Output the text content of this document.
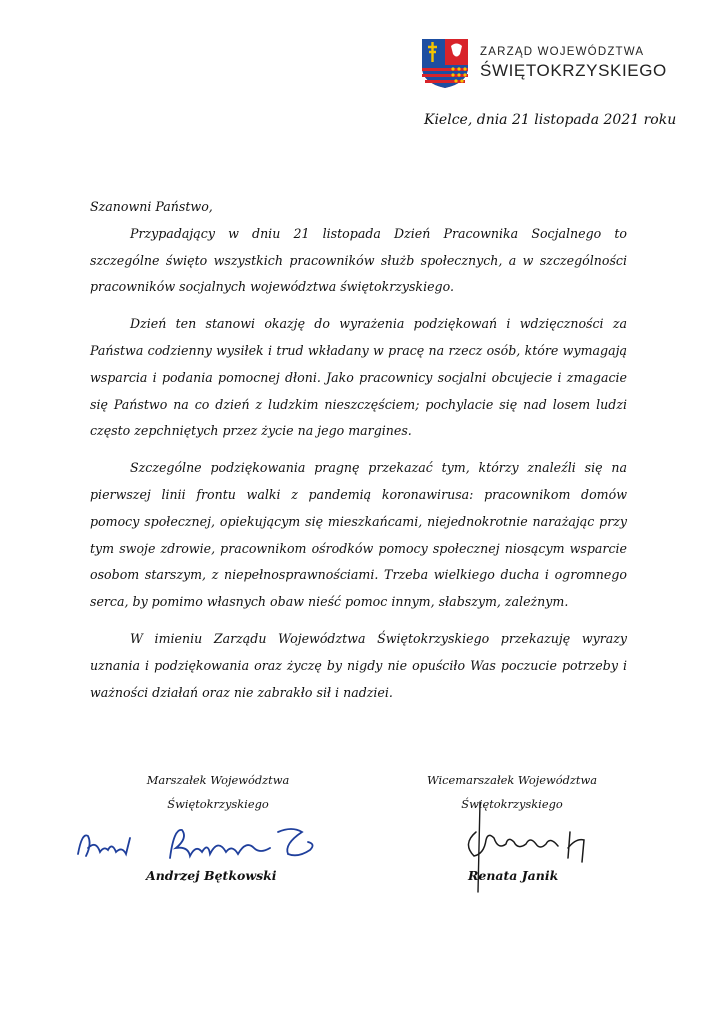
ZARZĄD WOJEWÓDZTWA
ŚWIĘTOKRZYSKIEGO
Kielce, dnia 21 listopada 2021 roku

Szanowni Państwo,

Przypadający w dniu 21 listopada Dzień Pracownika Socjalnego to szczególne święto wszystkich pracowników służb społecznych, a w szczególności pracowników socjalnych województwa świętokrzyskiego.

Dzień ten stanowi okazję do wyrażenia podziękowań i wdzięczności za Państwa codzienny wysiłek i trud wkładany w pracę na rzecz osób, które wymagają wsparcia i podania pomocnej dłoni. Jako pracownicy socjalni obcujecie i zmagacie się Państwo na co dzień z ludzkim nieszczęściem; pochylacie się nad losem ludzi często zepchniętych przez życie na jego margines.

Szczególne podziękowania pragnę przekazać tym, którzy znaleźli się na pierwszej linii frontu walki z pandemią koronawirusa: pracownikom domów pomocy społecznej, opiekującym się mieszkańcami, niejednokrotnie narażając przy tym swoje zdrowie, pracownikom ośrodków pomocy społecznej niosącym wsparcie osobom starszym, z niepełnosprawnościami. Trzeba wielkiego ducha i ogromnego serca, by pomimo własnych obaw nieść pomoc innym, słabszym, zależnym.

W imieniu Zarządu Województwa Świętokrzyskiego przekazuję wyrazy uznania i podziękowania oraz życzę by nigdy nie opuściło Was poczucie potrzeby i ważności działań oraz nie zabrakło sił i nadziei.

Marszałek Województwa
Świętokrzyskiego
Andrzej Bętkowski
Wicemarszałek Województwa
Świętokrzyskiego
Renata Janik
